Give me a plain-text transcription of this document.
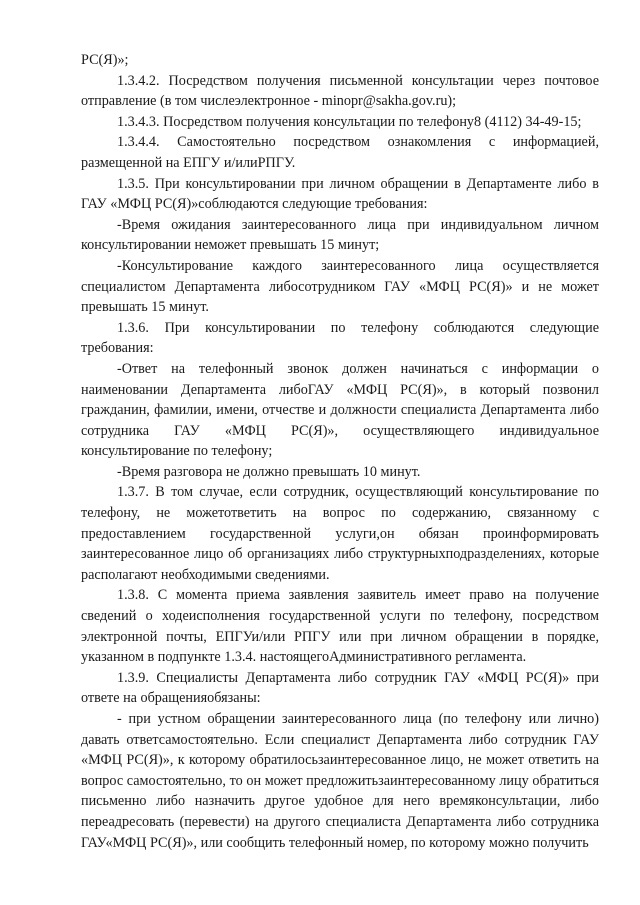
РС(Я)»;

1.3.4.2. Посредством получения письменной консультации через почтовое отправление (в том числеэлектронное - minopr@sakha.gov.ru);

1.3.4.3. Посредством получения консультации по телефону8 (4112) 34-49-15;

1.3.4.4. Самостоятельно посредством ознакомления с информацией, размещенной на ЕПГУ и/илиРПГУ.

1.3.5. При консультировании при личном обращении в Департаменте либо в ГАУ «МФЦ РС(Я)»соблюдаются следующие требования:

-Время ожидания заинтересованного лица при индивидуальном личном консультировании неможет превышать 15 минут;

-Консультирование каждого заинтересованного лица осуществляется специалистом Департамента либосотрудником ГАУ «МФЦ РС(Я)» и не может превышать 15 минут.

1.3.6. При консультировании по телефону соблюдаются следующие требования:

-Ответ на телефонный звонок должен начинаться с информации о наименовании Департамента либоГАУ «МФЦ РС(Я)», в который позвонил гражданин, фамилии, имени, отчестве и должности специалиста Департамента либо сотрудника ГАУ «МФЦ РС(Я)», осуществляющего индивидуальное консультирование по телефону;

-Время разговора не должно превышать 10 минут.

1.3.7. В том случае, если сотрудник, осуществляющий консультирование по телефону, не можетответить на вопрос по содержанию, связанному с предоставлением государственной услуги,он обязан проинформировать заинтересованное лицо об организациях либо структурныхподразделениях, которые располагают необходимыми сведениями.

1.3.8. С момента приема заявления заявитель имеет право на получение сведений о ходеисполнения государственной услуги по телефону, посредством электронной почты, ЕПГУи/или РПГУ или при личном обращении в порядке, указанном в подпункте 1.3.4. настоящегоАдминистративного регламента.

1.3.9. Специалисты Департамента либо сотрудник ГАУ «МФЦ РС(Я)» при ответе на обращенияобязаны:

- при устном обращении заинтересованного лица (по телефону или лично) давать ответсамостоятельно. Если специалист Департамента либо сотрудник ГАУ «МФЦ РС(Я)», к которому обратилосьзаинтересованное лицо, не может ответить на вопрос самостоятельно, то он может предложитьзаинтересованному лицу обратиться письменно либо назначить другое удобное для него времяконсультации, либо переадресовать (перевести) на другого специалиста Департамента либо сотрудника ГАУ«МФЦ РС(Я)», или сообщить телефонный номер, по которому можно получить
